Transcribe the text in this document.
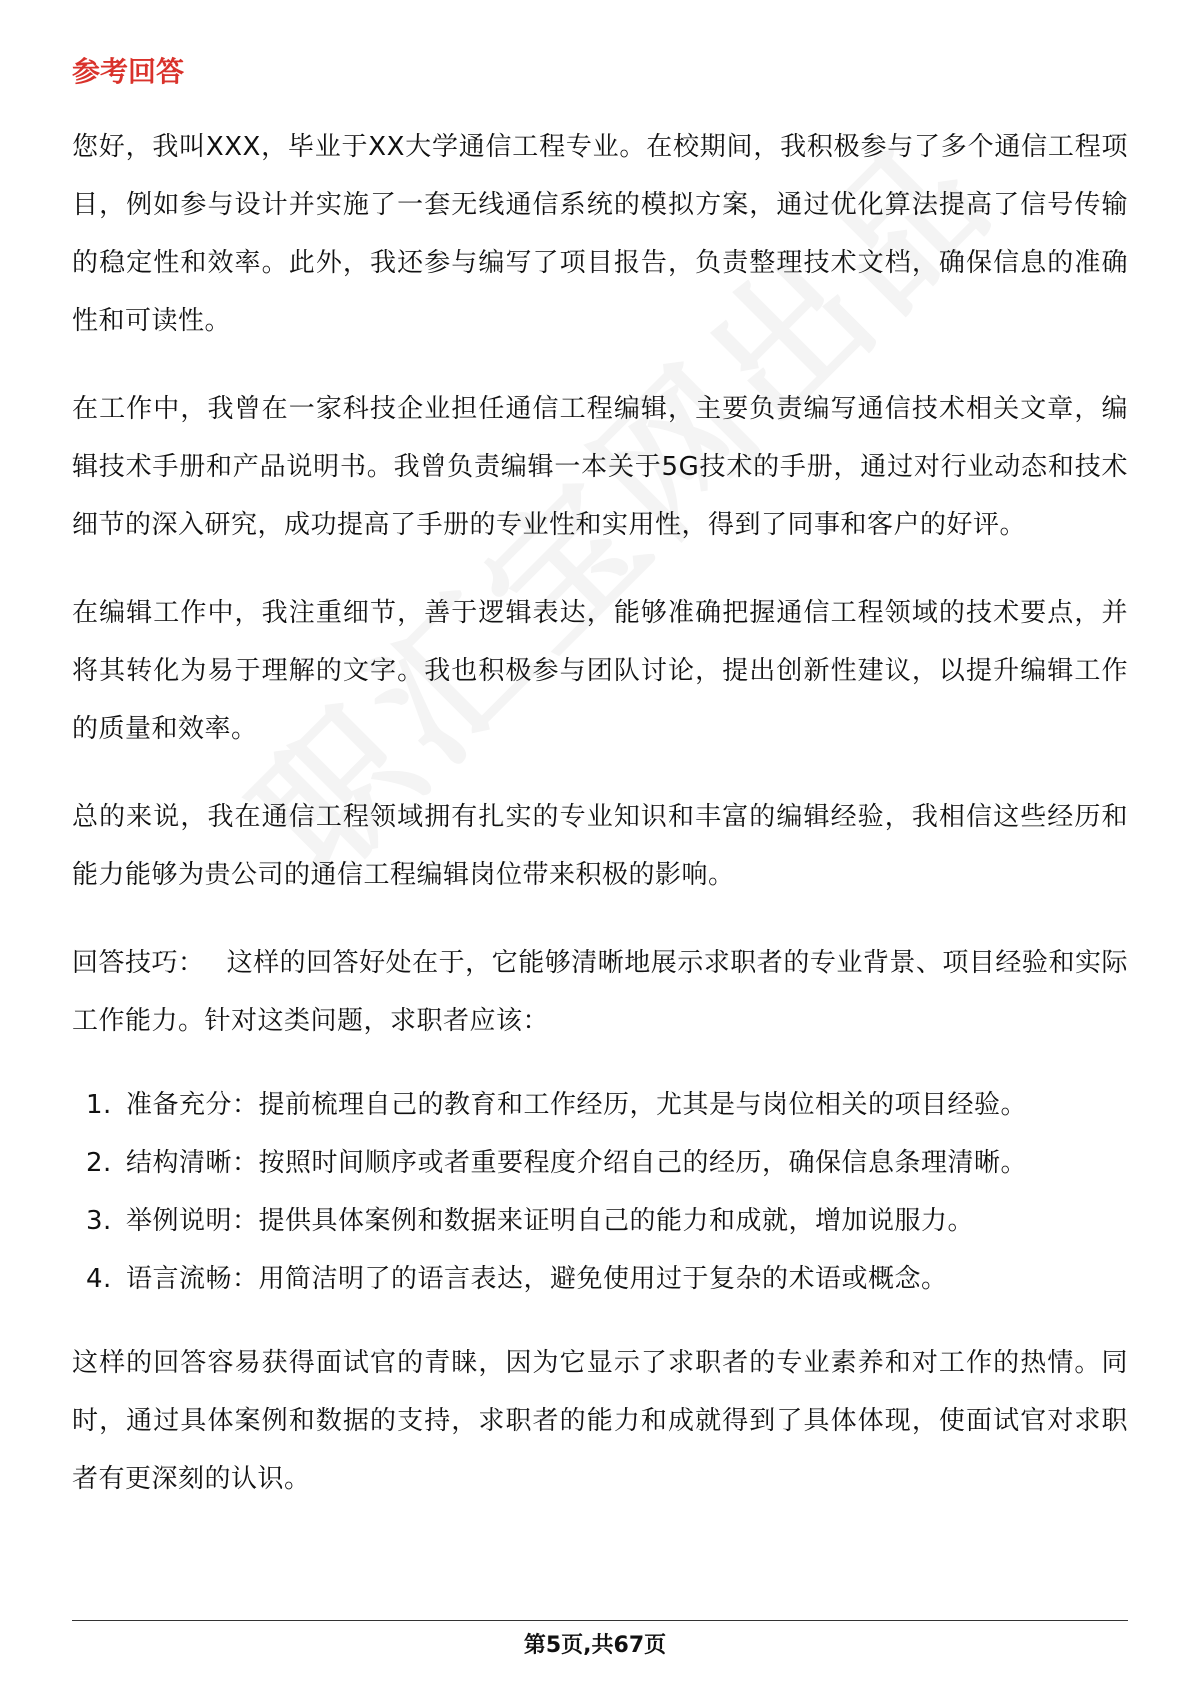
参考回答

您好，我叫XXX，毕业于XX大学通信工程专业。在校期间，我积极参与了多个通信工程项目，例如参与设计并实施了一套无线通信系统的模拟方案，通过优化算法提高了信号传输的稳定性和效率。此外，我还参与编写了项目报告，负责整理技术文档，确保信息的准确性和可读性。

在工作中，我曾在一家科技企业担任通信工程编辑，主要负责编写通信技术相关文章，编辑技术手册和产品说明书。我曾负责编辑一本关于5G技术的手册，通过对行业动态和技术细节的深入研究，成功提高了手册的专业性和实用性，得到了同事和客户的好评。

在编辑工作中，我注重细节，善于逻辑表达，能够准确把握通信工程领域的技术要点，并将其转化为易于理解的文字。我也积极参与团队讨论，提出创新性建议，以提升编辑工作的质量和效率。

总的来说，我在通信工程领域拥有扎实的专业知识和丰富的编辑经验，我相信这些经历和能力能够为贵公司的通信工程编辑岗位带来积极的影响。

回答技巧： 这样的回答好处在于，它能够清晰地展示求职者的专业背景、项目经验和实际工作能力。针对这类问题，求职者应该：

1. 准备充分：提前梳理自己的教育和工作经历，尤其是与岗位相关的项目经验。
2. 结构清晰：按照时间顺序或者重要程度介绍自己的经历，确保信息条理清晰。
3. 举例说明：提供具体案例和数据来证明自己的能力和成就，增加说服力。
4. 语言流畅：用简洁明了的语言表达，避免使用过于复杂的术语或概念。

这样的回答容易获得面试官的青睐，因为它显示了求职者的专业素养和对工作的热情。同时，通过具体案例和数据的支持，求职者的能力和成就得到了具体体现，使面试官对求职者有更深刻的认识。

第5页,共67页
